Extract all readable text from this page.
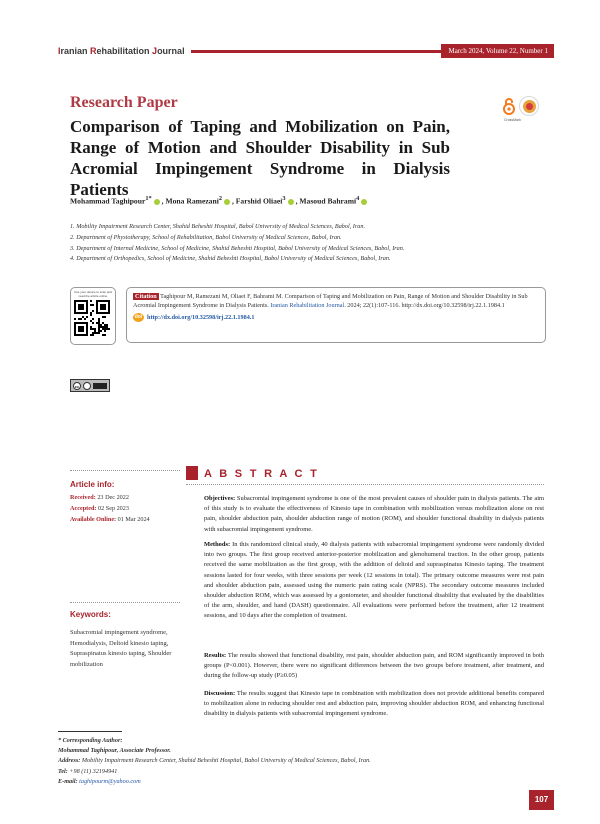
Iranian Rehabilitation Journal	March 2024, Volume 22, Number 1
Research Paper
CrossMark
Comparison of Taping and Mobilization on Pain, Range of Motion and Shoulder Disability in Sub Acromial Impingement Syndrome in Dialysis Patients
Mohammad Taghipour$^{1*}$ , Mona Ramezani$^2$ , Farshid Oliaei$^3$ , Masoud Bahrami$^4$
1. Mobility Impairment Research Center, Shahid Beheshti Hospital, Babol University of Medical Sciences, Babol, Iran.
2. Department of Physiotherapy, School of Rehabilitation, Babol University of Medical Sciences, Babol, Iran.
3. Department of Internal Medicine, School of Medicine, Shahid Beheshti Hospital, Babol University of Medical Sciences, Babol, Iran.
4. Department of Orthopedics, School of Medicine, Shahid Beheshti Hospital, Babol University of Medical Sciences, Babol, Iran.
Use your device to scan and read the article online	Citation Taghipour M, Ramezani M, Oliaei F, Bahrami M. Comparison of Taping and Mobilization on Pain, Range of Motion and Shoulder Disability in Sub Acromial Impingement Syndrome in Dialysis Patients. Iranian Rehabilitation Journal. 2024; 22(1):107-116. http://dx.doi.org/10.32598/irj.22.1.1984.1
doi http://dx.doi.org/10.32598/irj.22.1.1984.1
cc
Article info:
Received: 23 Dec 2022
Accepted: 02 Sep 2023
Available Online: 01 Mar 2024
Keywords:
Subacromial impingement syndrome, Hemodialysis, Deltoid kinesio taping, Supraspinatus kinesio taping, Shoulder mobilization
A B S T R A C T

Objectives: Subacromial impingement syndrome is one of the most prevalent causes of shoulder pain in dialysis patients. The aim of this study is to evaluate the effectiveness of Kinesio tape in combination with mobilization versus mobilization alone on rest pain, shoulder abduction pain, shoulder abduction range of motion (ROM), and shoulder functional disability in dialysis patients with subacromial impingement syndrome.

Methods: In this randomized clinical study, 40 dialysis patients with subacromial impingement syndrome were randomly divided into two groups. The first group received anterior-posterior mobilization and glenohumeral traction. In the other group, patients received the same mobilization as the first group, with the addition of deltoid and supraspinatus Kinesio taping. The treatment sessions lasted for four weeks, with three sessions per week (12 sessions in total). The primary outcome measures were rest pain and shoulder abduction pain, assessed using the numeric pain rating scale (NPRS). The secondary outcome measures included shoulder abduction ROM, which was assessed by a goniometer, and shoulder functional disability that evaluated by the disabilities of the arm, shoulder, and hand (DASH) questionnaire. All evaluations were performed before the treatment, after 12 treatment sessions, and 10 days after the completion of treatment.

Results: The results showed that functional disability, rest pain, shoulder abduction pain, and ROM significantly improved in both groups (P<0.001). However, there were no significant differences between the two groups before treatment, after treatment, and during the follow-up study (P≥0.05)

Discussion: The results suggest that Kinesio tape in combination with mobilization does not provide additional benefits compared to mobilization alone in reducing shoulder rest and abduction pain, improving shoulder abduction ROM, and enhancing functional disability in dialysis patients with subacromial impingement syndrome.

* Corresponding Author:
Mohammad Taghipour, Associate Professor.
Address: Mobility Impairment Research Center, Shahid Beheshti Hospital, Babol University of Medical Sciences, Babol, Iran.
Tel: +98 (11) 32194941
E-mail: taghipourm@yahoo.com
107
